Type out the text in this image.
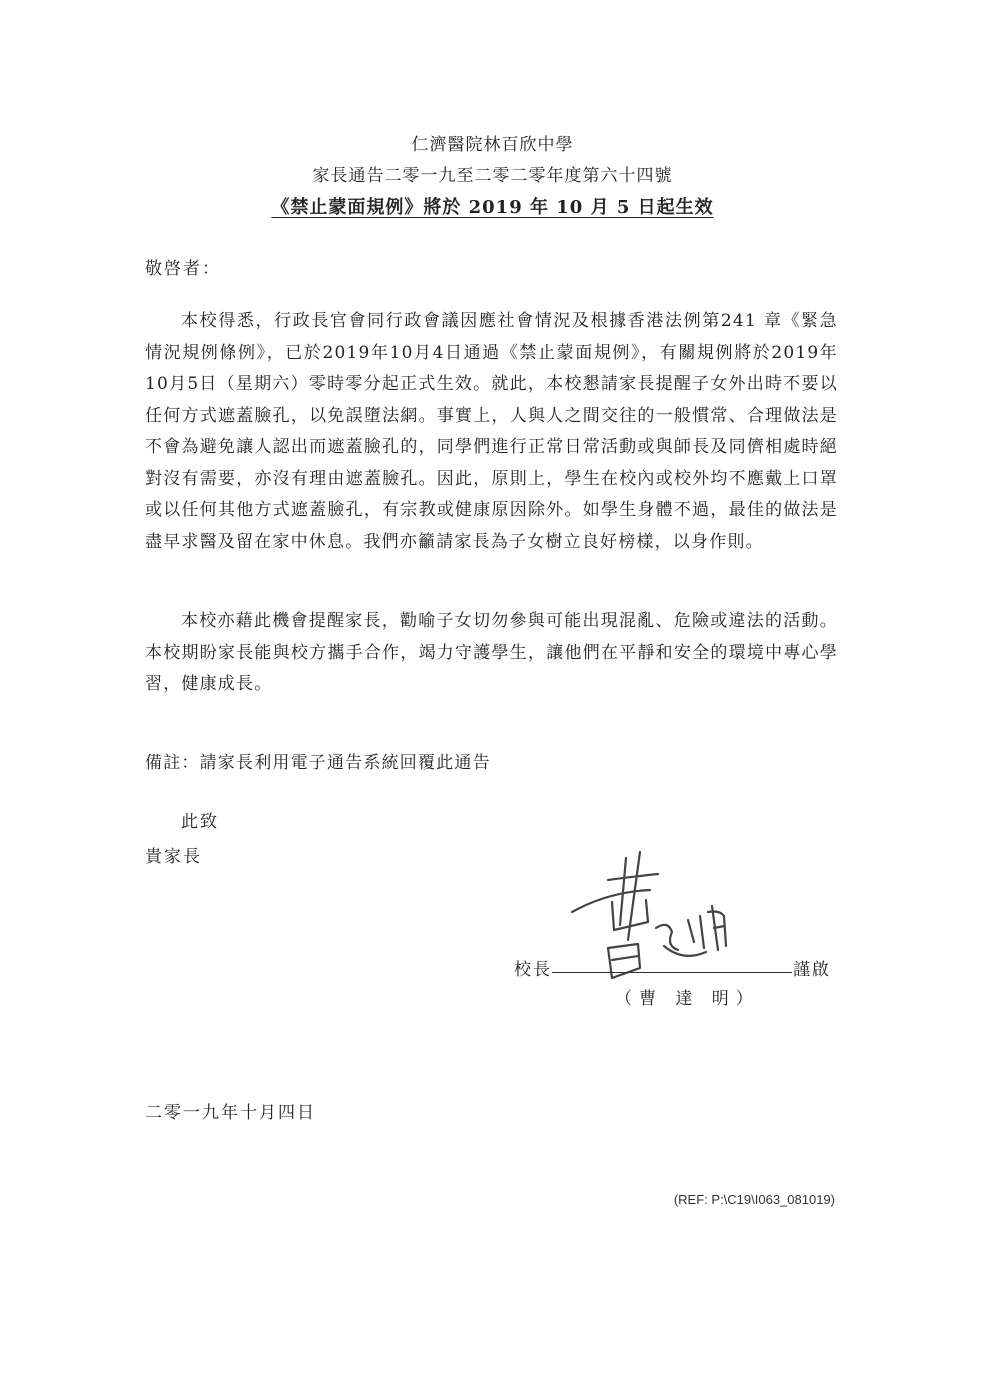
仁濟醫院林百欣中學
家長通告二零一九至二零二零年度第六十四號
《禁止蒙面規例》將於 2019 年 10 月 5 日起生效
敬啓者：
本校得悉，行政長官會同行政會議因應社會情況及根據香港法例第241 章《緊急情況規例條例》，已於2019年10月4日通過《禁止蒙面規例》，有關規例將於2019年10月5日（星期六）零時零分起正式生效。就此，本校懇請家長提醒子女外出時不要以任何方式遮蓋臉孔，以免誤墮法網。事實上，人與人之間交往的一般慣常、合理做法是不會為避免讓人認出而遮蓋臉孔的，同學們進行正常日常活動或與師長及同儕相處時絕對沒有需要，亦沒有理由遮蓋臉孔。因此，原則上，學生在校內或校外均不應戴上口罩或以任何其他方式遮蓋臉孔，有宗教或健康原因除外。如學生身體不過，最佳的做法是盡早求醫及留在家中休息。我們亦籲請家長為子女樹立良好榜樣，以身作則。
本校亦藉此機會提醒家長，勸喻子女切勿參與可能出現混亂、危險或違法的活動。本校期盼家長能與校方攜手合作，竭力守護學生，讓他們在平靜和安全的環境中專心學習，健康成長。
備註：請家長利用電子通告系統回覆此通告
此致
貴家長
校長	謹啟
（曹 達 明）
二零一九年十月四日
(REF: P:\C19\I063_081019)
